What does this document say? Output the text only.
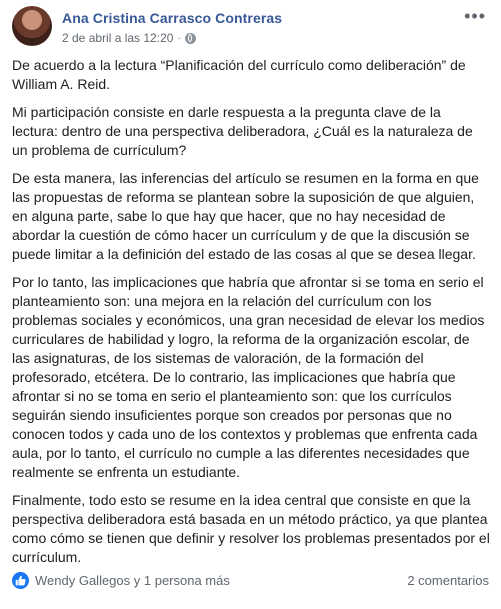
Ana Cristina Carrasco Contreras
2 de abril a las 12:20 ·
•••

De acuerdo a la lectura “Planificación del currículo como deliberación” de William A. Reid.

Mi participación consiste en darle respuesta a la pregunta clave de la lectura: dentro de una perspectiva deliberadora, ¿Cuál es la naturaleza de un problema de currículum?

De esta manera, las inferencias del artículo se resumen en la forma en que las propuestas de reforma se plantean sobre la suposición de que alguien, en alguna parte, sabe lo que hay que hacer, que no hay necesidad de abordar la cuestión de cómo hacer un currículum y de que la discusión se puede limitar a la definición del estado de las cosas al que se desea llegar.

Por lo tanto, las implicaciones que habría que afrontar si se toma en serio el planteamiento son: una mejora en la relación del currículum con los problemas sociales y económicos, una gran necesidad de elevar los medios curriculares de habilidad y logro, la reforma de la organización escolar, de las asignaturas, de los sistemas de valoración, de la formación del profesorado, etcétera. De lo contrario, las implicaciones que habría que afrontar si no se toma en serio el planteamiento son: que los currículos seguirán siendo insuficientes porque son creados por personas que no conocen todos y cada uno de los contextos y problemas que enfrenta cada aula, por lo tanto, el currículo no cumple a las diferentes necesidades que realmente se enfrenta un estudiante.

Finalmente, todo esto se resume en la idea central que consiste en que la perspectiva deliberadora está basada en un método práctico, ya que plantea como cómo se tienen que definir y resolver los problemas presentados por el currículum.

Wendy Gallegos y 1 persona más	2 comentarios
